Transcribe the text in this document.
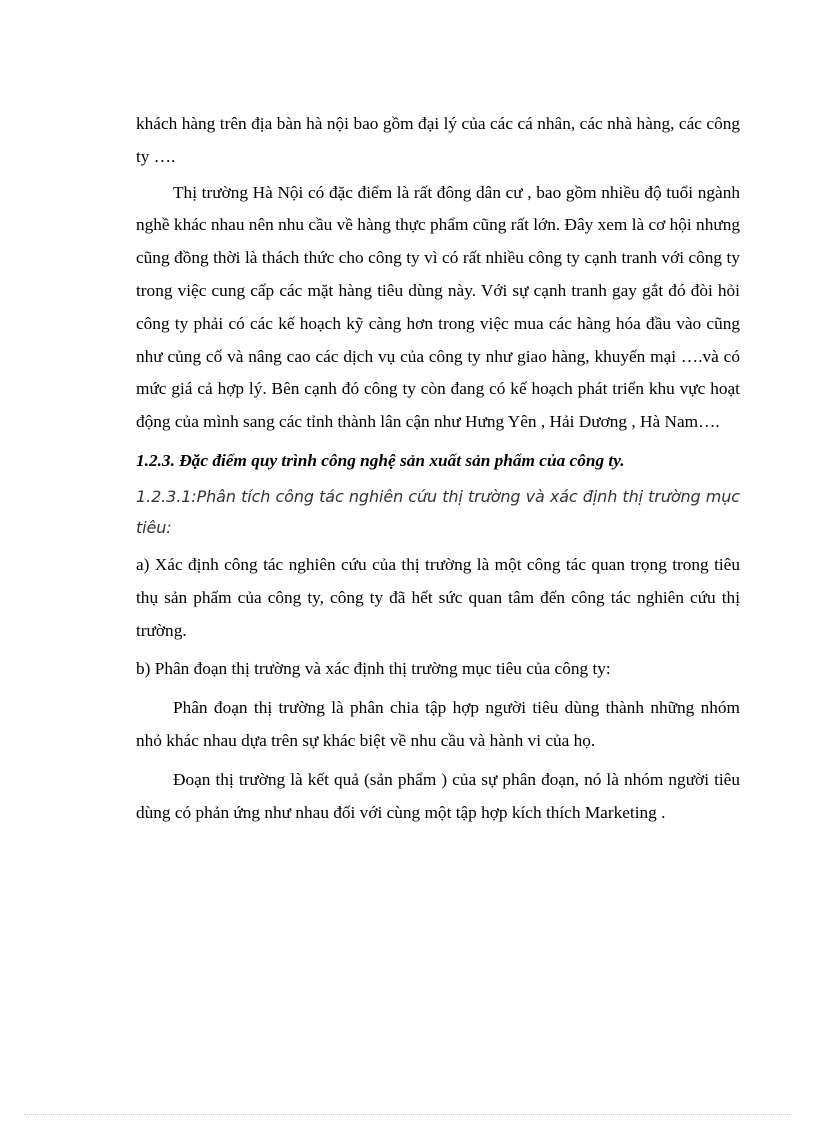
khách hàng trên địa bàn hà nội bao gồm đại lý của các cá nhân, các nhà hàng, các công ty ….

Thị trường Hà Nội có đặc điểm là rất đông dân cư , bao gồm nhiều độ tuổi ngành nghề khác nhau nên nhu cầu về hàng thực phẩm cũng rất lớn. Đây xem là cơ hội nhưng cũng đồng thời là thách thức cho công ty vì có rất nhiều công ty cạnh tranh với công ty trong việc cung cấp các mặt hàng tiêu dùng này. Với sự cạnh tranh gay gắt đó đòi hỏi công ty phải có các kế hoạch kỹ càng hơn trong việc mua các hàng hóa đầu vào cũng như củng cố và nâng cao các dịch vụ của công ty như giao hàng, khuyến mại ….và có mức giá cả hợp lý. Bên cạnh đó công ty còn đang có kế hoạch phát triển khu vực hoạt động của mình sang các tỉnh thành lân cận như Hưng Yên , Hải Dương , Hà Nam….

1.2.3. Đặc điểm quy trình công nghệ sản xuất sản phẩm của công ty.

1.2.3.1:Phân tích công tác nghiên cứu thị trường và xác định thị trường mục tiêu:

a) Xác định công tác nghiên cứu của thị trường là một công tác quan trọng trong tiêu thụ sản phẩm của công ty, công ty đã hết sức quan tâm đến công tác nghiên cứu thị trường.

b) Phân đoạn thị trường và xác định thị trường mục tiêu của công ty:

Phân đoạn thị trường là phân chia tập hợp người tiêu dùng thành những nhóm nhỏ khác nhau dựa trên sự khác biệt về nhu cầu và hành vi của họ.

Đoạn thị trường là kết quả (sản phẩm ) của sự phân đoạn, nó là nhóm người tiêu dùng có phản ứng như nhau đối với cùng một tập hợp kích thích Marketing .
